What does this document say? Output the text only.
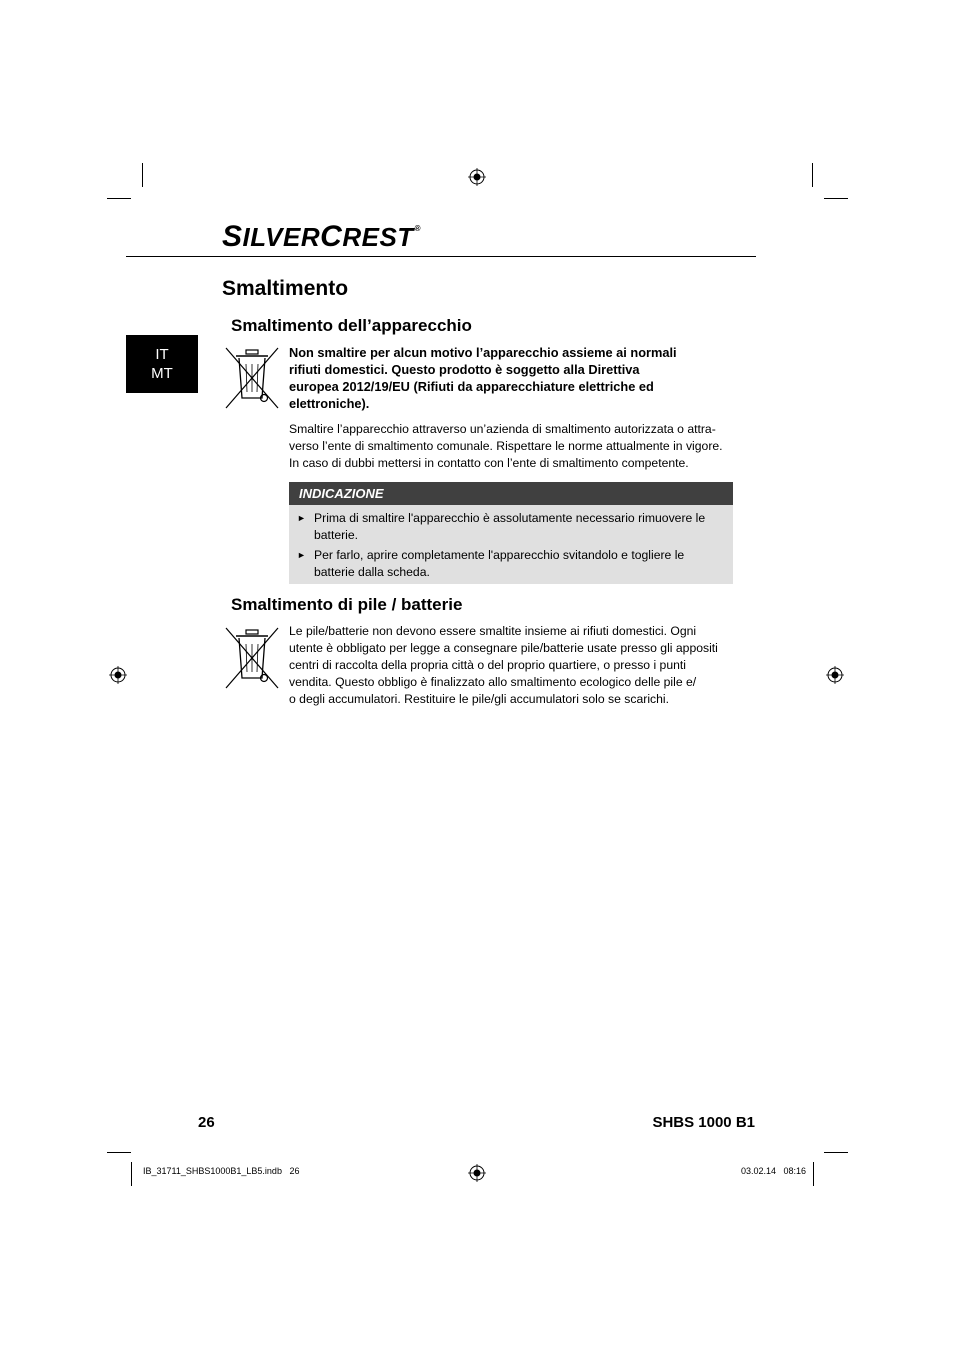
SILVERCREST®
IT
MT
Smaltimento
Smaltimento dell’apparecchio
Non smaltire per alcun motivo l’apparecchio assieme ai normali
rifiuti domestici. Questo prodotto è soggetto alla Direttiva
europea 2012/19/EU (Rifiuti da apparecchiature elettriche ed
elettroniche).
Smaltire l’apparecchio attraverso un’azienda di smaltimento autorizzata o attra-
verso l’ente di smaltimento comunale. Rispettare le norme attualmente in vigore.
In caso di dubbi mettersi in contatto con l’ente di smaltimento competente.
INDICAZIONE
► Prima di smaltire l'apparecchio è assolutamente necessario rimuovere le
batterie.
► Per farlo, aprire completamente l'apparecchio svitandolo e togliere le
batterie dalla scheda.
Smaltimento di pile / batterie
Le pile/batterie non devono essere smaltite insieme ai rifiuti domestici. Ogni
utente è obbligato per legge a consegnare pile/batterie usate presso gli appositi
centri di raccolta della propria città o del proprio quartiere, o presso i punti
vendita. Questo obbligo è finalizzato allo smaltimento ecologico delle pile e/
o degli accumulatori. Restituire le pile/gli accumulatori solo se scarichi.
26	SHBS 1000 B1
IB_31711_SHBS1000B1_LB5.indb   26	03.02.14   08:16
